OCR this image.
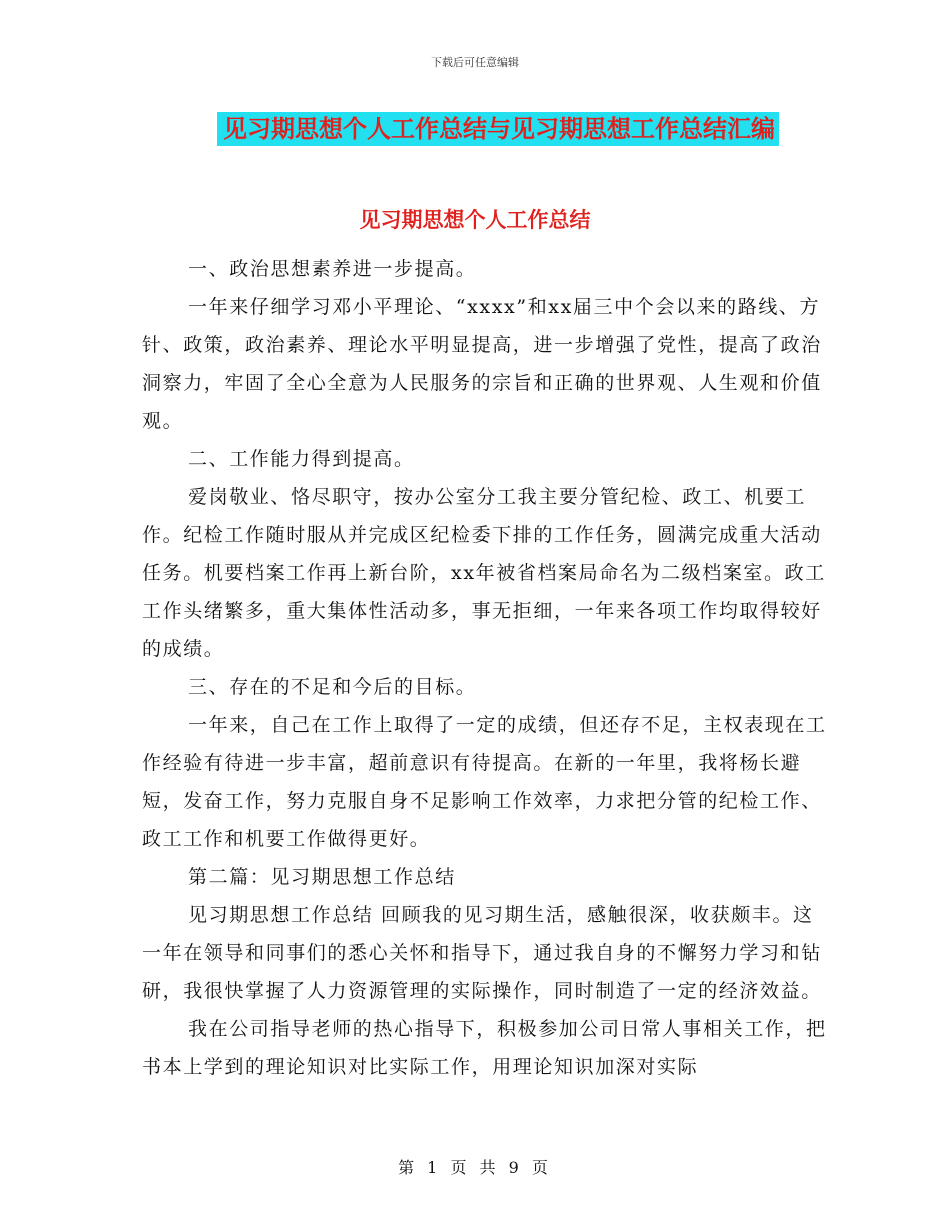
下载后可任意编辑
见习期思想个人工作总结与见习期思想工作总结汇编
见习期思想个人工作总结

一、政治思想素养进一步提高。

一年来仔细学习邓小平理论、“xxxx”和xx届三中个会以来的路线、方针、政策，政治素养、理论水平明显提高，进一步增强了党性，提高了政治洞察力，牢固了全心全意为人民服务的宗旨和正确的世界观、人生观和价值观。

二、工作能力得到提高。

爱岗敬业、恪尽职守，按办公室分工我主要分管纪检、政工、机要工作。纪检工作随时服从并完成区纪检委下排的工作任务，圆满完成重大活动任务。机要档案工作再上新台阶，xx年被省档案局命名为二级档案室。政工工作头绪繁多，重大集体性活动多，事无拒细，一年来各项工作均取得较好的成绩。

三、存在的不足和今后的目标。

一年来，自己在工作上取得了一定的成绩，但还存不足，主权表现在工作经验有待进一步丰富，超前意识有待提高。在新的一年里，我将杨长避短，发奋工作，努力克服自身不足影响工作效率，力求把分管的纪检工作、政工工作和机要工作做得更好。

第二篇：见习期思想工作总结

见习期思想工作总结 回顾我的见习期生活，感触很深，收获颇丰。这一年在领导和同事们的悉心关怀和指导下，通过我自身的不懈努力学习和钻研，我很快掌握了人力资源管理的实际操作，同时制造了一定的经济效益。

我在公司指导老师的热心指导下，积极参加公司日常人事相关工作，把书本上学到的理论知识对比实际工作，用理论知识加深对实际

第 1 页 共 9 页
